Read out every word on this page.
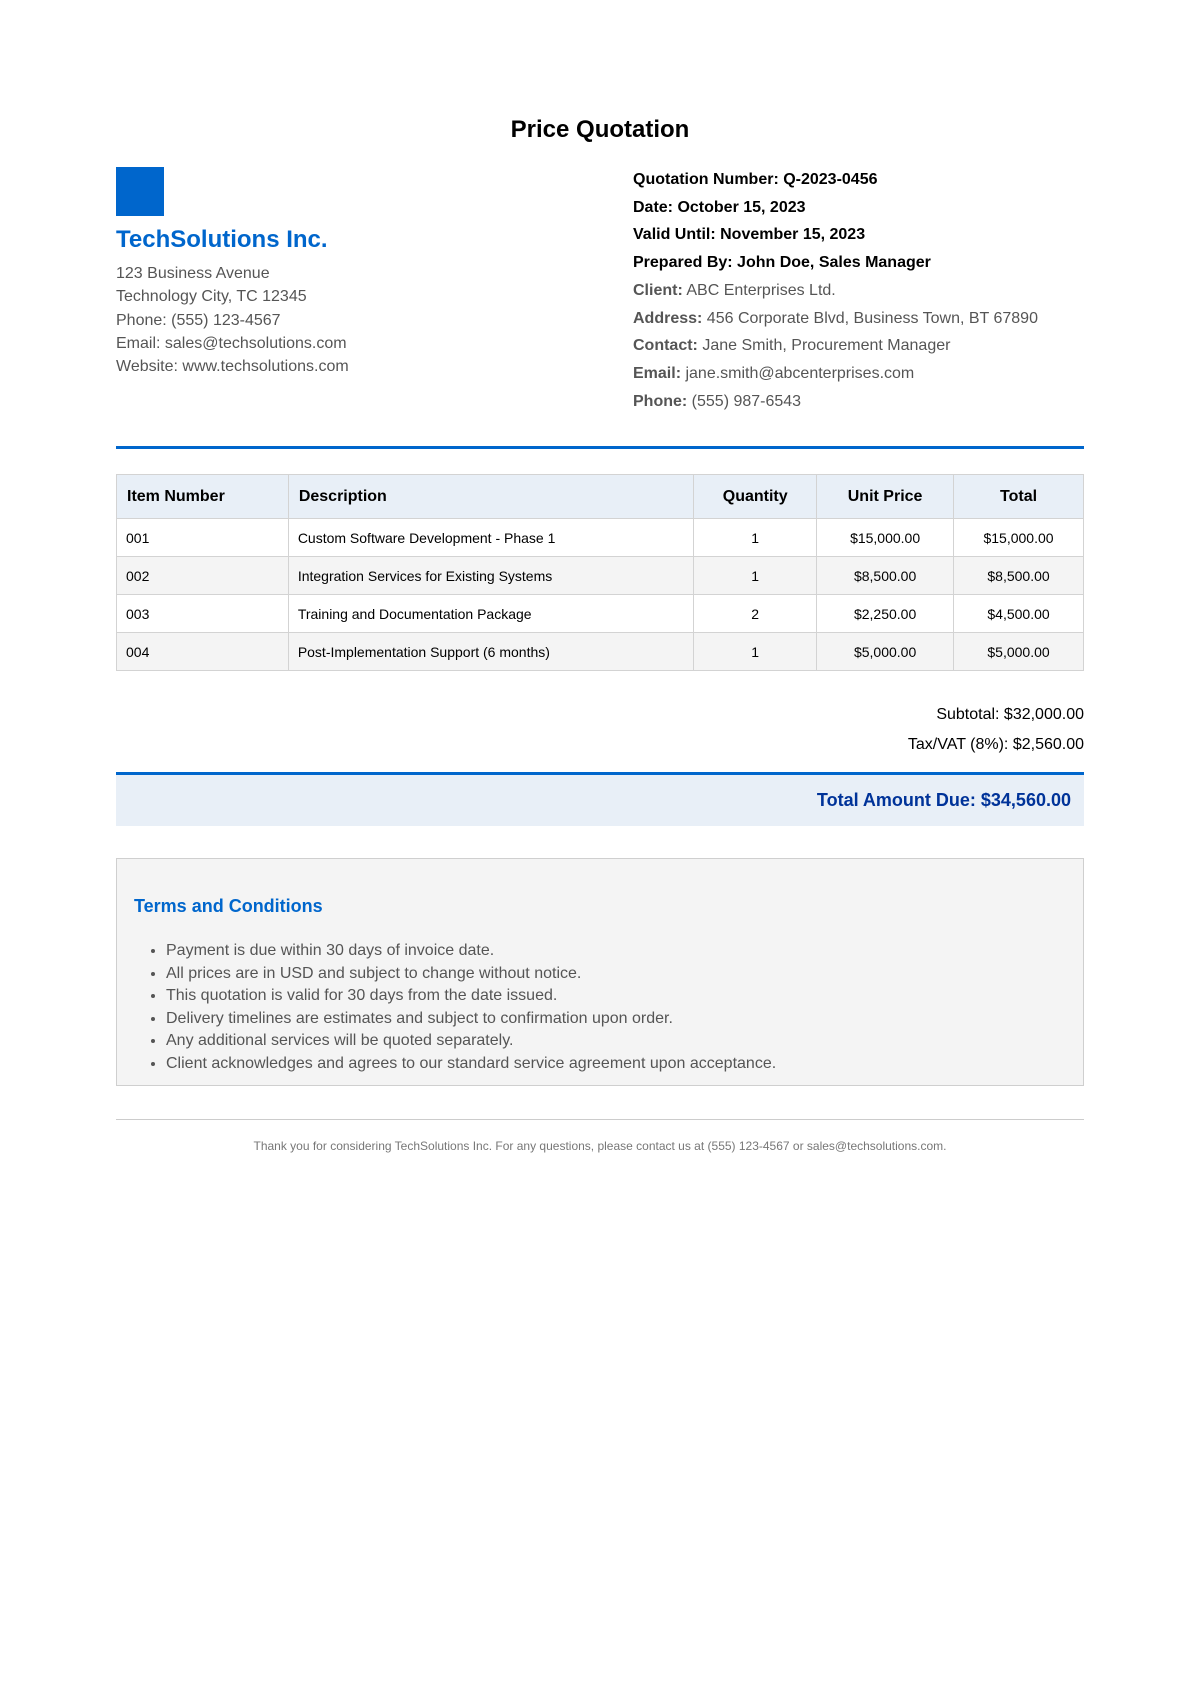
Price Quotation
TechSolutions Inc.
123 Business Avenue
Technology City, TC 12345
Phone: (555) 123-4567
Email: sales@techsolutions.com
Website: www.techsolutions.com
Quotation Number: Q-2023-0456
Date: October 15, 2023
Valid Until: November 15, 2023
Prepared By: John Doe, Sales Manager
Client: ABC Enterprises Ltd.
Address: 456 Corporate Blvd, Business Town, BT 67890
Contact: Jane Smith, Procurement Manager
Email: jane.smith@abcenterprises.com
Phone: (555) 987-6543
Item Number	Description	Quantity	Unit Price	Total
001	Custom Software Development - Phase 1	1	$15,000.00	$15,000.00
002	Integration Services for Existing Systems	1	$8,500.00	$8,500.00
003	Training and Documentation Package	2	$2,250.00	$4,500.00
004	Post-Implementation Support (6 months)	1	$5,000.00	$5,000.00
Subtotal: $32,000.00
Tax/VAT (8%): $2,560.00
Total Amount Due: $34,560.00
Terms and Conditions
• Payment is due within 30 days of invoice date.
• All prices are in USD and subject to change without notice.
• This quotation is valid for 30 days from the date issued.
• Delivery timelines are estimates and subject to confirmation upon order.
• Any additional services will be quoted separately.
• Client acknowledges and agrees to our standard service agreement upon acceptance.
Thank you for considering TechSolutions Inc. For any questions, please contact us at (555) 123-4567 or sales@techsolutions.com.
